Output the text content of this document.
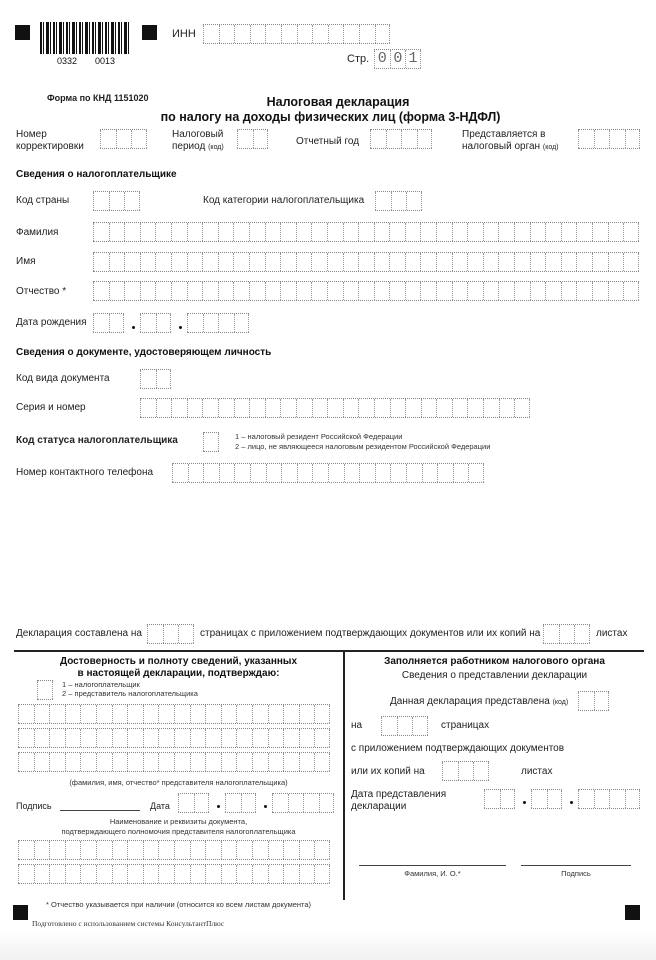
0332 0013
ИНН
Стр. 0 0 1
Форма по КНД 1151020	Налоговая декларация
по налогу на доходы физических лиц (форма 3-НДФЛ)
Номер
корректировки
Налоговый
период (код)
Отчетный год
Представляется в
налоговый орган (код)
Сведения о налогоплательщике
Код страны	Код категории налогоплательщика
Фамилия
Имя
Отчество *
Дата рождения
Сведения о документе, удостоверяющем личность
Код вида документа
Серия и номер
Код статуса налогоплательщика	1 – налоговый резидент Российской Федерации
2 – лицо, не являющееся налоговым резидентом Российской Федерации
Номер контактного телефона
Декларация составлена на	страницах с приложением подтверждающих документов или их копий на	листах
Достоверность и полноту сведений, указанных
в настоящей декларации, подтверждаю:
1 – налогоплательщик
2 – представитель налогоплательщика
(фамилия, имя, отчество* представителя налогоплательщика)
Подпись	Дата
Наименование и реквизиты документа,
подтверждающего полномочия представителя налогоплательщика
Заполняется работником налогового органа
Сведения о представлении декларации
Данная декларация представлена (код)
на	страницах
с приложением подтверждающих документов
или их копий на	листах
Дата представления
декларации
Фамилия, И. О.*	Подпись
* Отчество указывается при наличии (относится ко всем листам документа)
Подготовлено с использованием системы КонсультантПлюс
